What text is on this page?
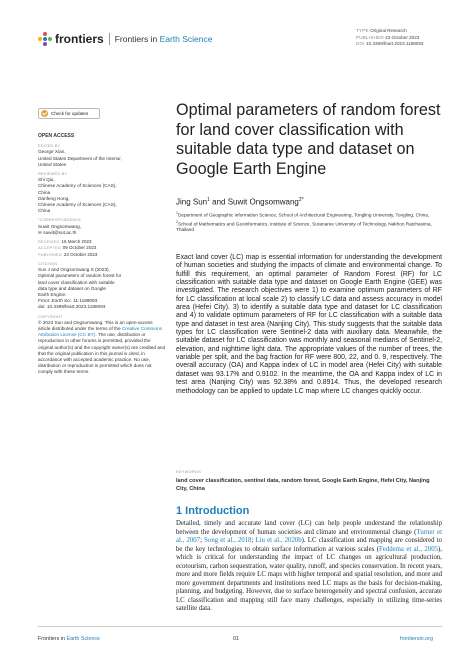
frontiers Frontiers in Earth Science
TYPE Original Research
PUBLISHED 23 October 2023
DOI 10.3389/feart.2023.1188093
Check for updates
OPEN ACCESS
EDITED BY
George Xian,
United States Department of the Interior,
United States
REVIEWED BY
Shi Qiu,
Chinese Academy of Sciences (CAS),
China
Danfeng Hong,
Chinese Academy of Sciences (CAS),
China
*CORRESPONDENCE
Suwit Ongsomwang,
✉ suwit@sut.ac.th
RECEIVED 16 March 2023
ACCEPTED 09 October 2023
PUBLISHED 23 October 2023
CITATION
Sun J and Ongsomwang S (2023),
Optimal parameters of random forest for
land cover classification with suitable
data type and dataset on Google
Earth Engine.
Front. Earth Sci. 11:1188093.
doi: 10.3389/feart.2023.1188093
COPYRIGHT
© 2023 Sun and Ongsomwang. This is an open-access article distributed under the terms of the Creative Commons Attribution License (CC BY). The use, distribution or reproduction in other forums is permitted, provided the original author(s) and the copyright owner(s) are credited and that the original publication in this journal is cited, in accordance with accepted academic practice. No use, distribution or reproduction is permitted which does not comply with these terms.
Optimal parameters of random forest for land cover classification with suitable data type and dataset on Google Earth Engine
Jing Sun$^1$ and Suwit Ongsomwang$^{2*}$
$^1$Department of Geographic Information Science, School of Architectural Engineering, Tongling University, Tongling, China, $^2$School of Mathematics and Geoinformatics, Institute of Science, Suranaree University of Technology, Nakhon Ratchasima, Thailand

Exact land cover (LC) map is essential information for understanding the development of human societies and studying the impacts of climate and environmental change. To fulfill this requirement, an optimal parameter of Random Forest (RF) for LC classification with suitable data type and dataset on Google Earth Engine (GEE) was investigated. The research objectives were 1) to examine optimum parameters of RF for LC classification at local scale 2) to classify LC data and assess accuracy in model area (Hefei City). 3) to identify a suitable data type and dataset for LC classification and 4) to validate optimum parameters of RF for LC classification with a suitable data type and dataset in test area (Nanjing City). This study suggests that the suitable data types for LC classification were Sentinel-2 data with auxiliary data. Meanwhile, the suitable dataset for LC classification was monthly and seasonal medians of Sentinel-2, elevation, and nighttime light data. The appropriate values of the number of trees, the variable per split, and the bag fraction for RF were 800, 22, and 0. 9, respectively. The overall accuracy (OA) and Kappa index of LC in model area (Hefei City) with suitable dataset was 93.17% and 0.9102. In the meantime, the OA and Kappa index of LC in test area (Nanjing City) was 92.38% and 0.8914. Thus, the developed research methodology can be applied to update LC map where LC changes quickly occur.

KEYWORDS
land cover classification, sentinel data, random forest, Google Earth Engine, Hefei City, Nanjing City, China
1 Introduction

Detailed, timely and accurate land cover (LC) can help people understand the relationship between the development of human societies and climate and environmental change (Turner et al., 2007; Song et al., 2018; Liu et al., 2020b). LC classification and mapping are considered to be the key technologies to obtain surface information at various scales (Feddema et al., 2005), which is critical for understanding the impact of LC changes on agricultural production, ecotourism, carbon sequestration, water quality, runoff, and species conservation. In recent years, more and more fields require LC maps with higher temporal and spatial resolution, and more and more government departments and institutions need LC maps as the basis for decision-making, planning, and budgeting. However, due to surface heterogeneity and spectral confusion, accurate LC classification and mapping still face many challenges, especially in utilizing time-series satellite data.

Frontiers in Earth Science	01	frontiersin.org
